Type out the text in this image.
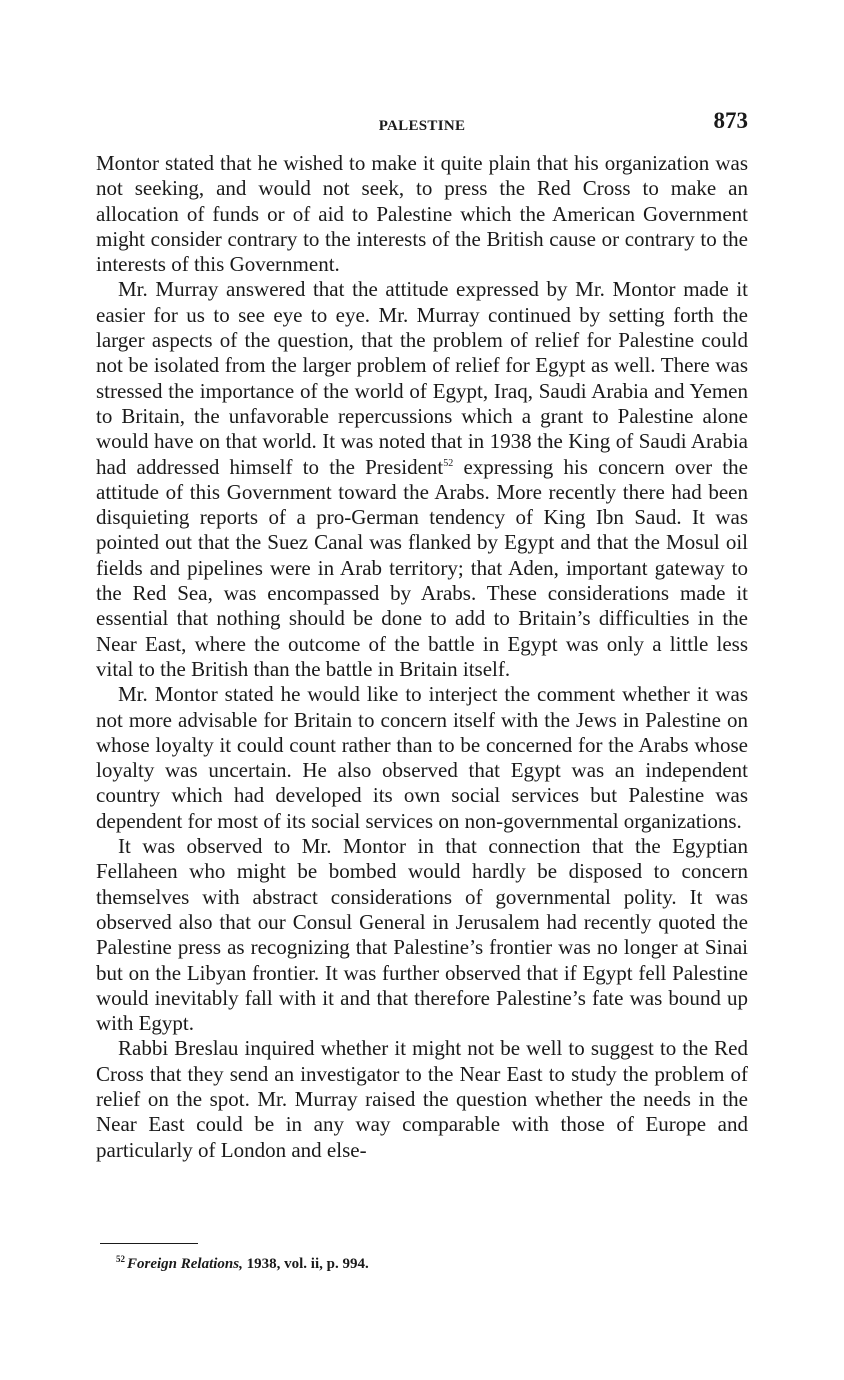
PALESTINE	873

Montor stated that he wished to make it quite plain that his organization was not seeking, and would not seek, to press the Red Cross to make an allocation of funds or of aid to Palestine which the American Government might consider contrary to the interests of the British cause or contrary to the interests of this Government.

Mr. Murray answered that the attitude expressed by Mr. Montor made it easier for us to see eye to eye. Mr. Murray continued by setting forth the larger aspects of the question, that the problem of relief for Palestine could not be isolated from the larger problem of relief for Egypt as well. There was stressed the importance of the world of Egypt, Iraq, Saudi Arabia and Yemen to Britain, the unfavorable repercussions which a grant to Palestine alone would have on that world. It was noted that in 1938 the King of Saudi Arabia had addressed himself to the President$^{52}$ expressing his concern over the attitude of this Government toward the Arabs. More recently there had been disquieting reports of a pro-German tendency of King Ibn Saud. It was pointed out that the Suez Canal was flanked by Egypt and that the Mosul oil fields and pipelines were in Arab territory; that Aden, important gateway to the Red Sea, was encompassed by Arabs. These considerations made it essential that nothing should be done to add to Britain’s difficulties in the Near East, where the outcome of the battle in Egypt was only a little less vital to the British than the battle in Britain itself.

Mr. Montor stated he would like to interject the comment whether it was not more advisable for Britain to concern itself with the Jews in Palestine on whose loyalty it could count rather than to be concerned for the Arabs whose loyalty was uncertain. He also observed that Egypt was an independent country which had developed its own social services but Palestine was dependent for most of its social services on non-governmental organizations.

It was observed to Mr. Montor in that connection that the Egyptian Fellaheen who might be bombed would hardly be disposed to concern themselves with abstract considerations of governmental polity. It was observed also that our Consul General in Jerusalem had recently quoted the Palestine press as recognizing that Palestine’s frontier was no longer at Sinai but on the Libyan frontier. It was further observed that if Egypt fell Palestine would inevitably fall with it and that therefore Palestine’s fate was bound up with Egypt.

Rabbi Breslau inquired whether it might not be well to suggest to the Red Cross that they send an investigator to the Near East to study the problem of relief on the spot. Mr. Murray raised the question whether the needs in the Near East could be in any way comparable with those of Europe and particularly of London and else-

$^{52}$ Foreign Relations, 1938, vol. ii, p. 994.
